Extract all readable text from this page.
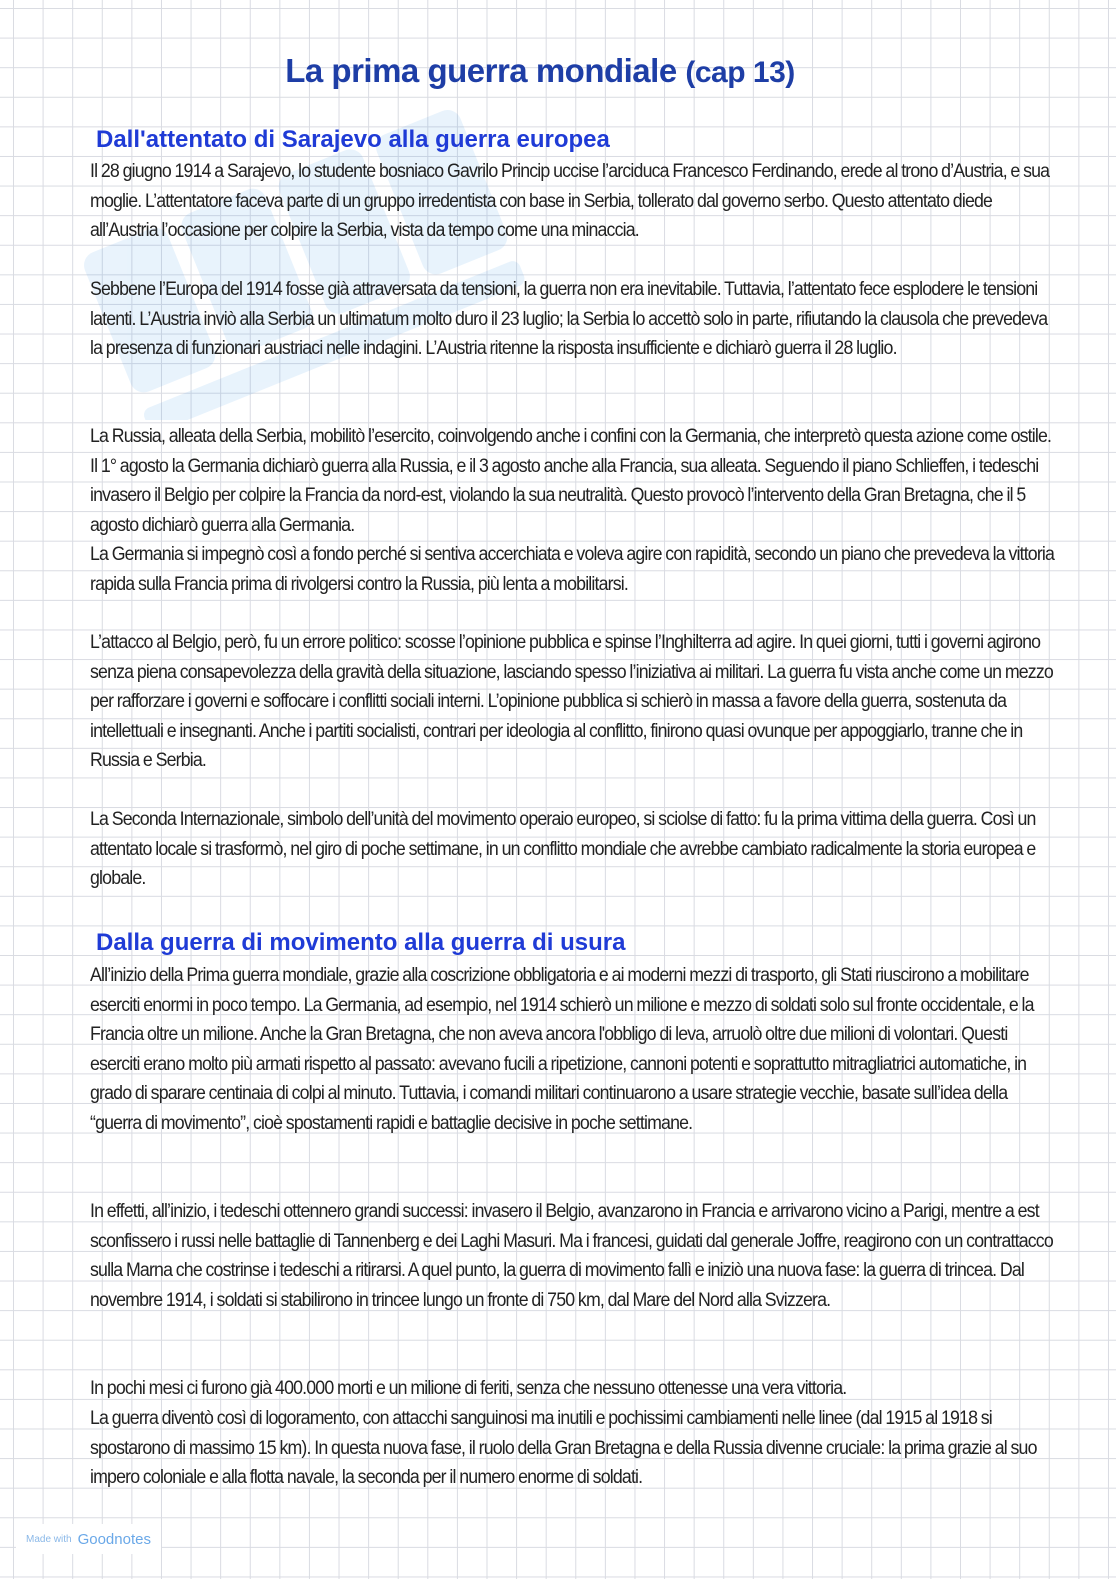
La prima guerra mondiale (cap 13)
Dall'attentato di Sarajevo alla guerra europea

Il 28 giugno 1914 a Sarajevo, lo studente bosniaco Gavrilo Princip uccise l’arciduca Francesco Ferdinando, erede al trono d’Austria, e sua moglie. L’attentatore faceva parte di un gruppo irredentista con base in Serbia, tollerato dal governo serbo. Questo attentato diede all’Austria l’occasione per colpire la Serbia, vista da tempo come una minaccia.

Sebbene l’Europa del 1914 fosse già attraversata da tensioni, la guerra non era inevitabile. Tuttavia, l’attentato fece esplodere le tensioni latenti. L’Austria inviò alla Serbia un ultimatum molto duro il 23 luglio; la Serbia lo accettò solo in parte, rifiutando la clausola che prevedeva la presenza di funzionari austriaci nelle indagini. L’Austria ritenne la risposta insufficiente e dichiarò guerra il 28 luglio.

La Russia, alleata della Serbia, mobilitò l’esercito, coinvolgendo anche i confini con la Germania, che interpretò questa azione come ostile. Il 1° agosto la Germania dichiarò guerra alla Russia, e il 3 agosto anche alla Francia, sua alleata. Seguendo il piano Schlieffen, i tedeschi invasero il Belgio per colpire la Francia da nord-est, violando la sua neutralità. Questo provocò l’intervento della Gran Bretagna, che il 5 agosto dichiarò guerra alla Germania.

La Germania si impegnò così a fondo perché si sentiva accerchiata e voleva agire con rapidità, secondo un piano che prevedeva la vittoria rapida sulla Francia prima di rivolgersi contro la Russia, più lenta a mobilitarsi.

L’attacco al Belgio, però, fu un errore politico: scosse l’opinione pubblica e spinse l’Inghilterra ad agire. In quei giorni, tutti i governi agirono senza piena consapevolezza della gravità della situazione, lasciando spesso l’iniziativa ai militari. La guerra fu vista anche come un mezzo per rafforzare i governi e soffocare i conflitti sociali interni. L’opinione pubblica si schierò in massa a favore della guerra, sostenuta da intellettuali e insegnanti. Anche i partiti socialisti, contrari per ideologia al conflitto, finirono quasi ovunque per appoggiarlo, tranne che in Russia e Serbia.

La Seconda Internazionale, simbolo dell’unità del movimento operaio europeo, si sciolse di fatto: fu la prima vittima della guerra. Così un attentato locale si trasformò, nel giro di poche settimane, in un conflitto mondiale che avrebbe cambiato radicalmente la storia europea e globale.

Dalla guerra di movimento alla guerra di usura

All’inizio della Prima guerra mondiale, grazie alla coscrizione obbligatoria e ai moderni mezzi di trasporto, gli Stati riuscirono a mobilitare eserciti enormi in poco tempo. La Germania, ad esempio, nel 1914 schierò un milione e mezzo di soldati solo sul fronte occidentale, e la Francia oltre un milione. Anche la Gran Bretagna, che non aveva ancora l'obbligo di leva, arruolò oltre due milioni di volontari. Questi eserciti erano molto più armati rispetto al passato: avevano fucili a ripetizione, cannoni potenti e soprattutto mitragliatrici automatiche, in grado di sparare centinaia di colpi al minuto. Tuttavia, i comandi militari continuarono a usare strategie vecchie, basate sull’idea della “guerra di movimento”, cioè spostamenti rapidi e battaglie decisive in poche settimane.

In effetti, all’inizio, i tedeschi ottennero grandi successi: invasero il Belgio, avanzarono in Francia e arrivarono vicino a Parigi, mentre a est sconfissero i russi nelle battaglie di Tannenberg e dei Laghi Masuri. Ma i francesi, guidati dal generale Joffre, reagirono con un contrattacco sulla Marna che costrinse i tedeschi a ritirarsi. A quel punto, la guerra di movimento fallì e iniziò una nuova fase: la guerra di trincea. Dal novembre 1914, i soldati si stabilirono in trincee lungo un fronte di 750 km, dal Mare del Nord alla Svizzera.

In pochi mesi ci furono già 400.000 morti e un milione di feriti, senza che nessuno ottenesse una vera vittoria.

La guerra diventò così di logoramento, con attacchi sanguinosi ma inutili e pochissimi cambiamenti nelle linee (dal 1915 al 1918 si spostarono di massimo 15 km). In questa nuova fase, il ruolo della Gran Bretagna e della Russia divenne cruciale: la prima grazie al suo impero coloniale e alla flotta navale, la seconda per il numero enorme di soldati.

Made with Goodnotes
